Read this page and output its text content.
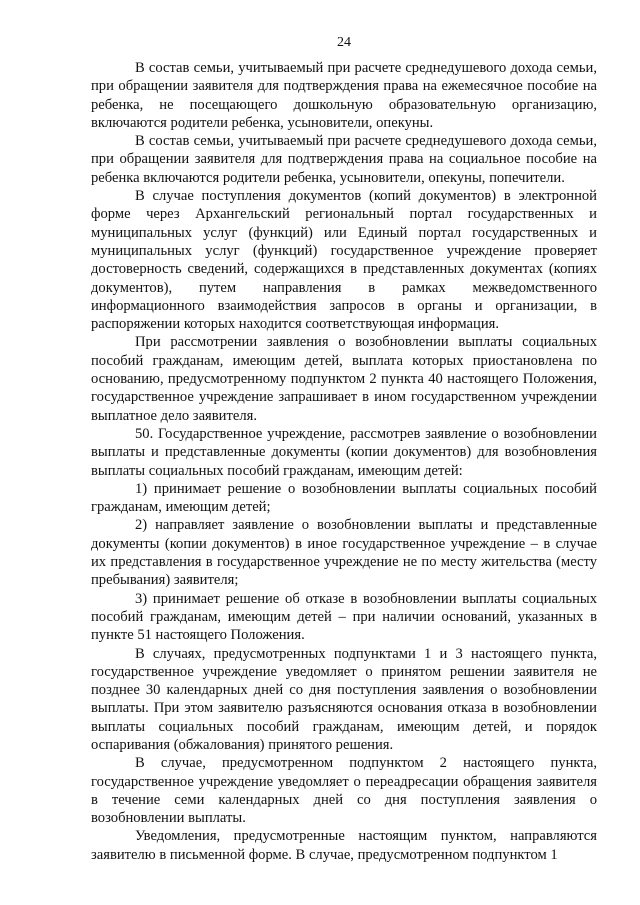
24

В состав семьи, учитываемый при расчете среднедушевого дохода семьи, при обращении заявителя для подтверждения права на ежемесячное пособие на ребенка, не посещающего дошкольную образовательную организацию, включаются родители ребенка, усыновители, опекуны.

В состав семьи, учитываемый при расчете среднедушевого дохода семьи, при обращении заявителя для подтверждения права на социальное пособие на ребенка включаются родители ребенка, усыновители, опекуны, попечители.

В случае поступления документов (копий документов) в электронной форме через Архангельский региональный портал государственных и муниципальных услуг (функций) или Единый портал государственных и муниципальных услуг (функций) государственное учреждение проверяет достоверность сведений, содержащихся в представленных документах (копиях документов), путем направления в рамках межведомственного информационного взаимодействия запросов в органы и организации, в распоряжении которых находится соответствующая информация.

При рассмотрении заявления о возобновлении выплаты социальных пособий гражданам, имеющим детей, выплата которых приостановлена по основанию, предусмотренному подпунктом 2 пункта 40 настоящего Положения, государственное учреждение запрашивает в ином государственном учреждении выплатное дело заявителя.

50. Государственное учреждение, рассмотрев заявление о возобновлении выплаты и представленные документы (копии документов) для возобновления выплаты социальных пособий гражданам, имеющим детей:

1) принимает решение о возобновлении выплаты социальных пособий гражданам, имеющим детей;

2) направляет заявление о возобновлении выплаты и представленные документы (копии документов) в иное государственное учреждение – в случае их представления в государственное учреждение не по месту жительства (месту пребывания) заявителя;

3) принимает решение об отказе в возобновлении выплаты социальных пособий гражданам, имеющим детей – при наличии оснований, указанных в пункте 51 настоящего Положения.

В случаях, предусмотренных подпунктами 1 и 3 настоящего пункта, государственное учреждение уведомляет о принятом решении заявителя не позднее 30 календарных дней со дня поступления заявления о возобновлении выплаты. При этом заявителю разъясняются основания отказа в возобновлении выплаты социальных пособий гражданам, имеющим детей, и порядок оспаривания (обжалования) принятого решения.

В случае, предусмотренном подпунктом 2 настоящего пункта, государственное учреждение уведомляет о переадресации обращения заявителя в течение семи календарных дней со дня поступления заявления о возобновлении выплаты.

Уведомления, предусмотренные настоящим пунктом, направляются заявителю в письменной форме. В случае, предусмотренном подпунктом 1
